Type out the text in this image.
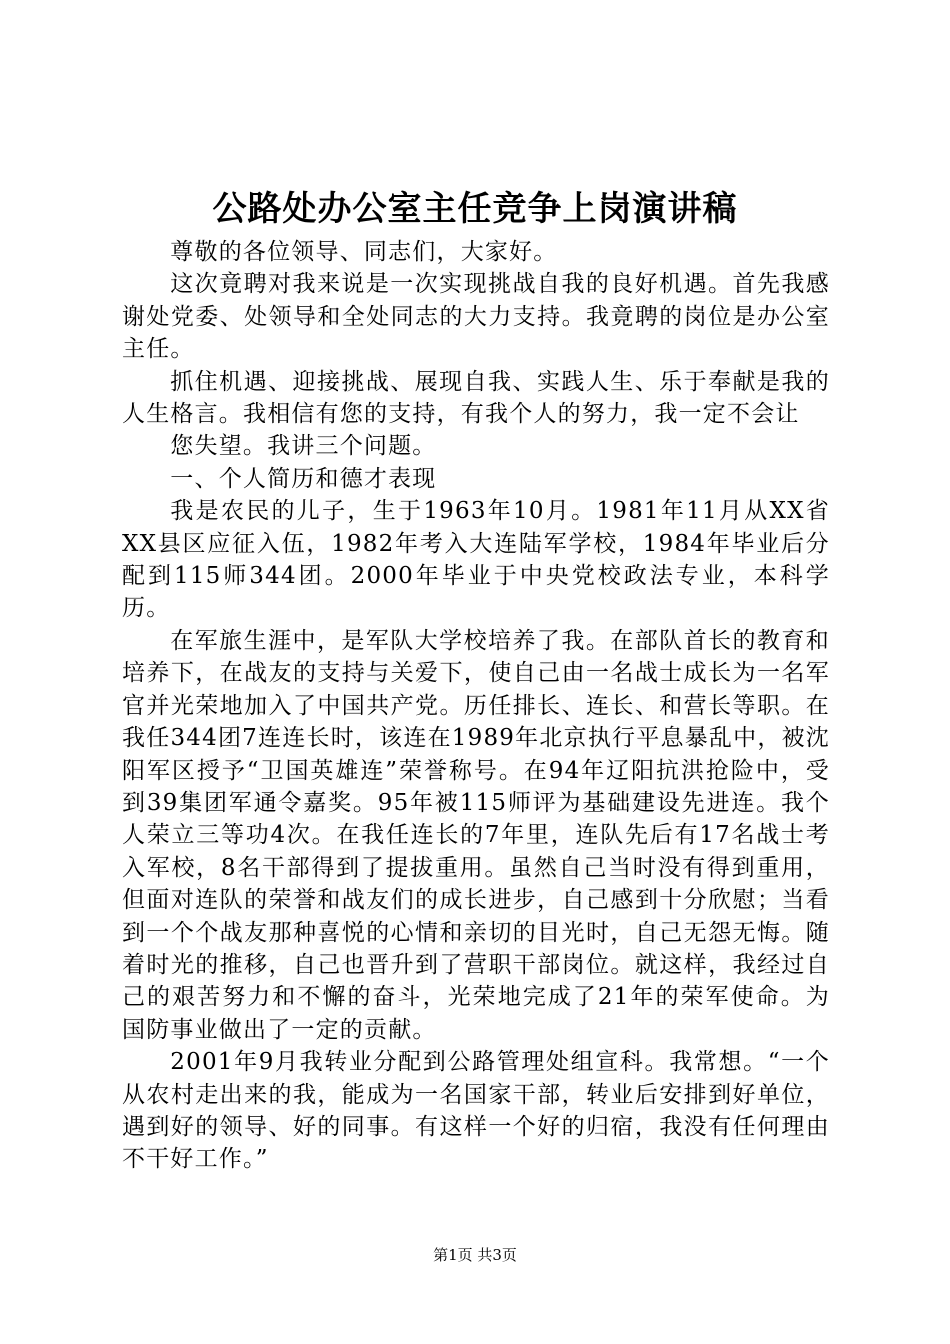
公路处办公室主任竞争上岗演讲稿

尊敬的各位领导、同志们，大家好。

这次竟聘对我来说是一次实现挑战自我的良好机遇。首先我感谢处党委、处领导和全处同志的大力支持。我竟聘的岗位是办公室主任。

抓住机遇、迎接挑战、展现自我、实践人生、乐于奉献是我的人生格言。我相信有您的支持，有我个人的努力，我一定不会让

您失望。我讲三个问题。

一、个人简历和德才表现

我是农民的儿子，生于1963年10月。1981年11月从XX省XX县区应征入伍，1982年考入大连陆军学校，1984年毕业后分配到115师344团。2000年毕业于中央党校政法专业，本科学历。

在军旅生涯中，是军队大学校培养了我。在部队首长的教育和培养下，在战友的支持与关爱下，使自己由一名战士成长为一名军官并光荣地加入了中国共产党。历任排长、连长、和营长等职。在我任344团7连连长时，该连在1989年北京执行平息暴乱中，被沈阳军区授予“卫国英雄连”荣誉称号。在94年辽阳抗洪抢险中，受到39集团军通令嘉奖。95年被115师评为基础建设先进连。我个人荣立三等功4次。在我任连长的7年里，连队先后有17名战士考入军校，8名干部得到了提拔重用。虽然自己当时没有得到重用，但面对连队的荣誉和战友们的成长进步，自己感到十分欣慰；当看到一个个战友那种喜悦的心情和亲切的目光时，自己无怨无悔。随着时光的推移，自己也晋升到了营职干部岗位。就这样，我经过自己的艰苦努力和不懈的奋斗，光荣地完成了21年的荣军使命。为国防事业做出了一定的贡献。

2001年9月我转业分配到公路管理处组宣科。我常想。“一个从农村走出来的我，能成为一名国家干部，转业后安排到好单位，遇到好的领导、好的同事。有这样一个好的归宿，我没有任何理由不干好工作。”

第1页 共3页
